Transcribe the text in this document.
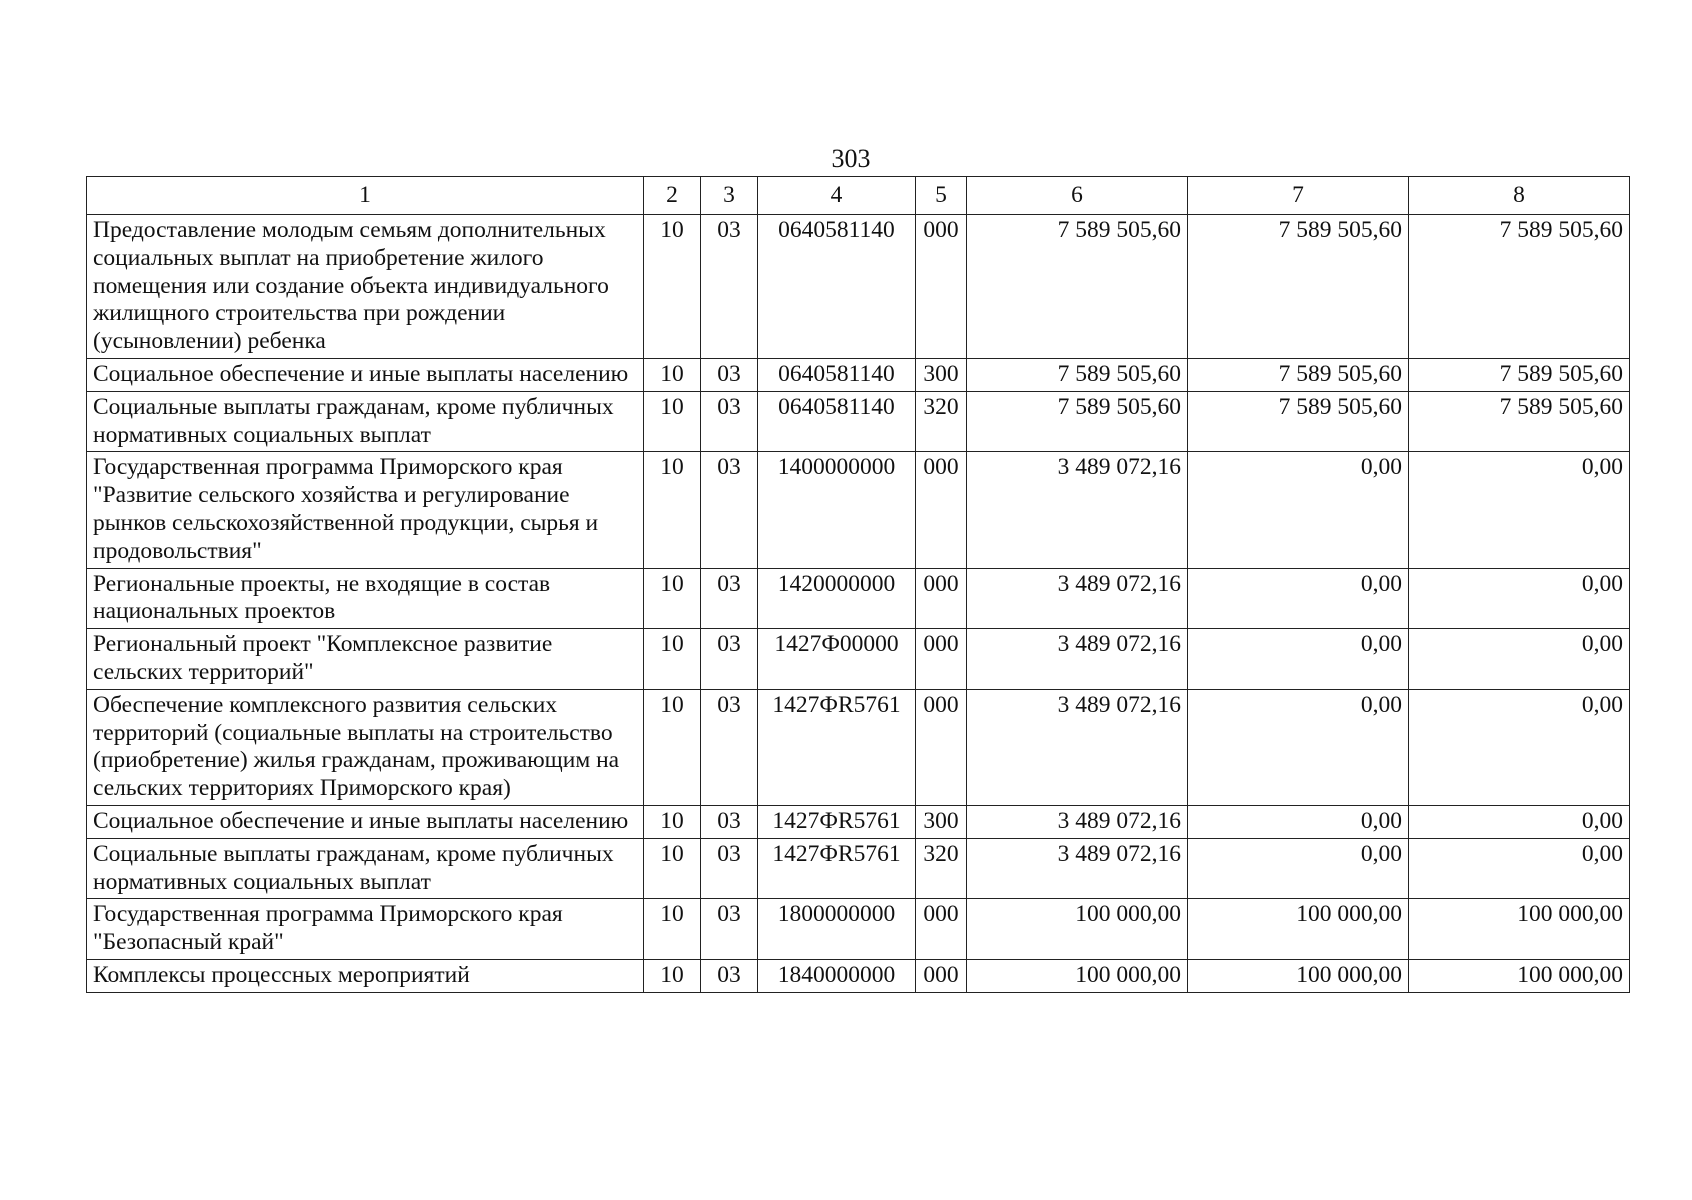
303
1	2	3	4	5	6	7	8
Предоставление молодым семьям дополнительных социальных выплат на приобретение жилого помещения или создание объекта индивидуального жилищного строительства при рождении (усыновлении) ребенка	10	03	0640581140	000	7 589 505,60	7 589 505,60	7 589 505,60
Социальное обеспечение и иные выплаты населению	10	03	0640581140	300	7 589 505,60	7 589 505,60	7 589 505,60
Социальные выплаты гражданам, кроме публичных нормативных социальных выплат	10	03	0640581140	320	7 589 505,60	7 589 505,60	7 589 505,60
Государственная программа Приморского края "Развитие сельского хозяйства и регулирование рынков сельскохозяйственной продукции, сырья и продовольствия"	10	03	1400000000	000	3 489 072,16	0,00	0,00
Региональные проекты, не входящие в состав национальных проектов	10	03	1420000000	000	3 489 072,16	0,00	0,00
Региональный проект "Комплексное развитие сельских территорий"	10	03	1427Ф00000	000	3 489 072,16	0,00	0,00
Обеспечение комплексного развития сельских территорий (социальные выплаты на строительство (приобретение) жилья гражданам, проживающим на сельских территориях Приморского края)	10	03	1427ФR5761	000	3 489 072,16	0,00	0,00
Социальное обеспечение и иные выплаты населению	10	03	1427ФR5761	300	3 489 072,16	0,00	0,00
Социальные выплаты гражданам, кроме публичных нормативных социальных выплат	10	03	1427ФR5761	320	3 489 072,16	0,00	0,00
Государственная программа Приморского края "Безопасный край"	10	03	1800000000	000	100 000,00	100 000,00	100 000,00
Комплексы процессных мероприятий	10	03	1840000000	000	100 000,00	100 000,00	100 000,00
